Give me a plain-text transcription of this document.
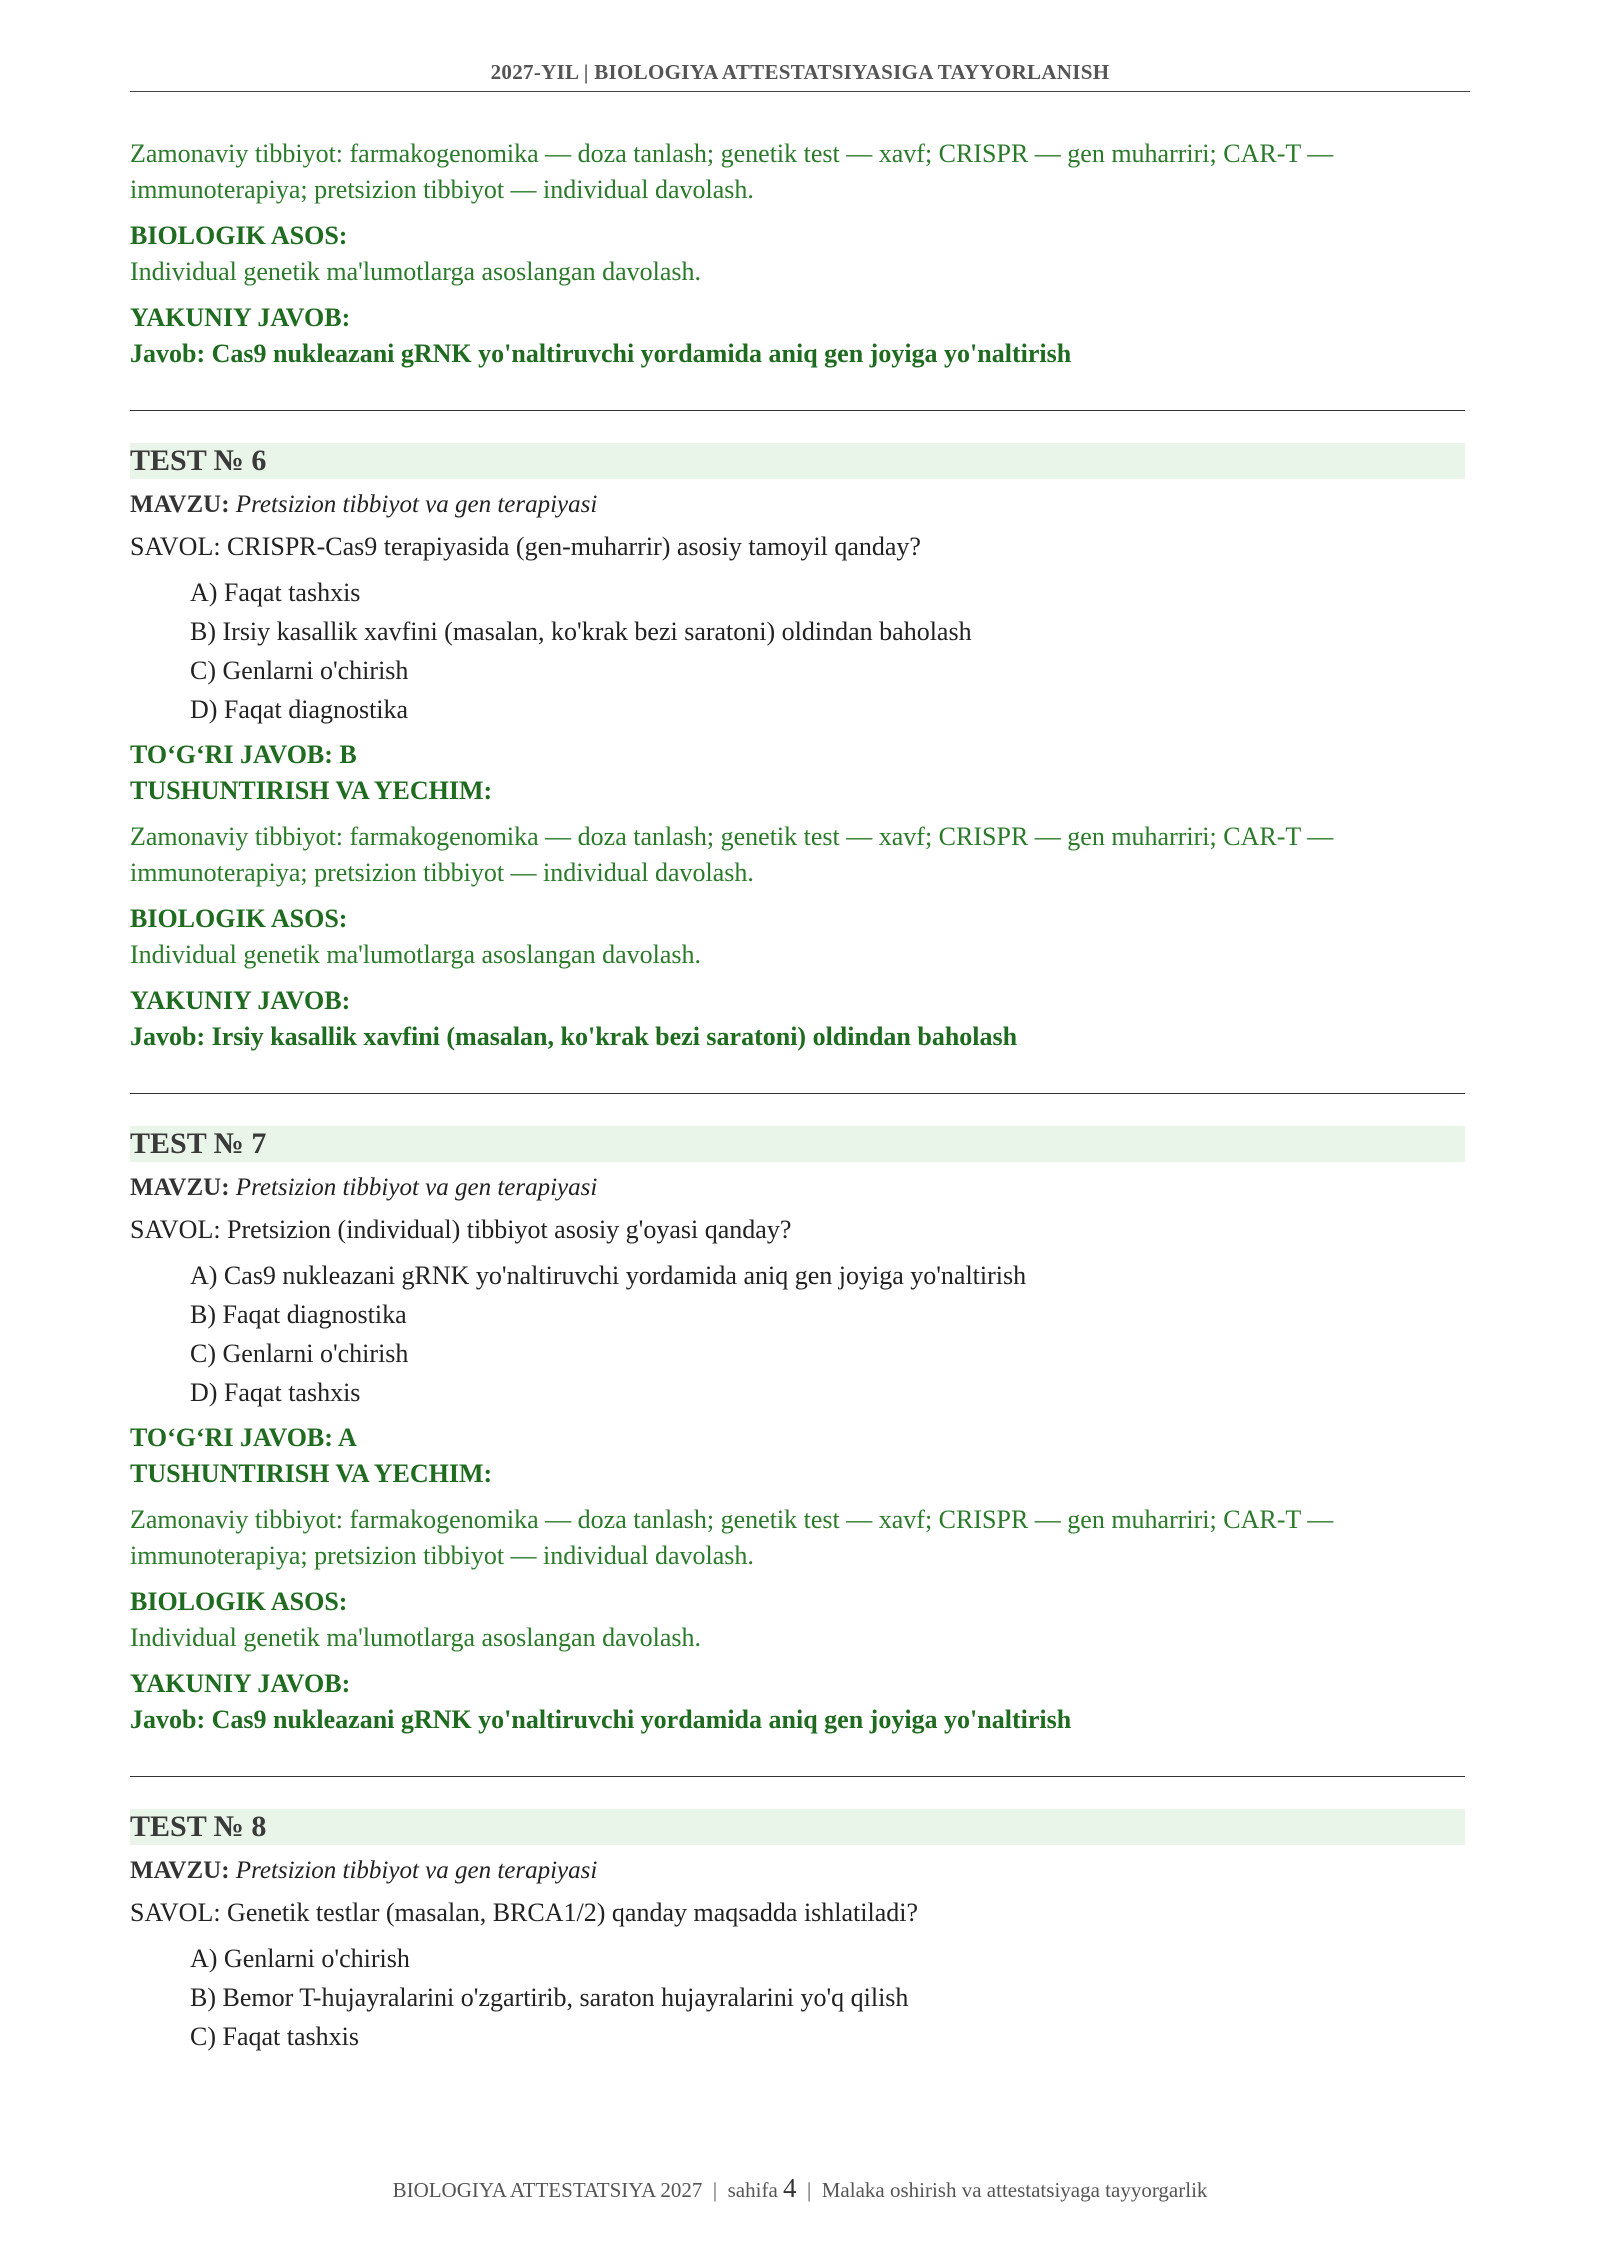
2027-YIL | BIOLOGIYA ATTESTATSIYASIGA TAYYORLANISH

Zamonaviy tibbiyot: farmakogenomika — doza tanlash; genetik test — xavf; CRISPR — gen muharriri; CAR-T — immunoterapiya; pretsizion tibbiyot — individual davolash.

BIOLOGIK ASOS:
Individual genetik ma'lumotlarga asoslangan davolash.
YAKUNIY JAVOB:
Javob: Cas9 nukleazani gRNK yo'naltiruvchi yordamida aniq gen joyiga yo'naltirish
TEST № 6
MAVZU: Pretsizion tibbiyot va gen terapiyasi
SAVOL: CRISPR-Cas9 terapiyasida (gen-muharrir) asosiy tamoyil qanday?
A) Faqat tashxis
B) Irsiy kasallik xavfini (masalan, ko'krak bezi saratoni) oldindan baholash
C) Genlarni o'chirish
D) Faqat diagnostika
TO‘G‘RI JAVOB: B
TUSHUNTIRISH VA YECHIM:

Zamonaviy tibbiyot: farmakogenomika — doza tanlash; genetik test — xavf; CRISPR — gen muharriri; CAR-T — immunoterapiya; pretsizion tibbiyot — individual davolash.

BIOLOGIK ASOS:
Individual genetik ma'lumotlarga asoslangan davolash.
YAKUNIY JAVOB:
Javob: Irsiy kasallik xavfini (masalan, ko'krak bezi saratoni) oldindan baholash
TEST № 7
MAVZU: Pretsizion tibbiyot va gen terapiyasi
SAVOL: Pretsizion (individual) tibbiyot asosiy g'oyasi qanday?
A) Cas9 nukleazani gRNK yo'naltiruvchi yordamida aniq gen joyiga yo'naltirish
B) Faqat diagnostika
C) Genlarni o'chirish
D) Faqat tashxis
TO‘G‘RI JAVOB: A
TUSHUNTIRISH VA YECHIM:

Zamonaviy tibbiyot: farmakogenomika — doza tanlash; genetik test — xavf; CRISPR — gen muharriri; CAR-T — immunoterapiya; pretsizion tibbiyot — individual davolash.

BIOLOGIK ASOS:
Individual genetik ma'lumotlarga asoslangan davolash.
YAKUNIY JAVOB:
Javob: Cas9 nukleazani gRNK yo'naltiruvchi yordamida aniq gen joyiga yo'naltirish
TEST № 8
MAVZU: Pretsizion tibbiyot va gen terapiyasi
SAVOL: Genetik testlar (masalan, BRCA1/2) qanday maqsadda ishlatiladi?
A) Genlarni o'chirish
B) Bemor T-hujayralarini o'zgartirib, saraton hujayralarini yo'q qilish
C) Faqat tashxis
BIOLOGIYA ATTESTATSIYA 2027 | sahifa 4 | Malaka oshirish va attestatsiyaga tayyorgarlik
